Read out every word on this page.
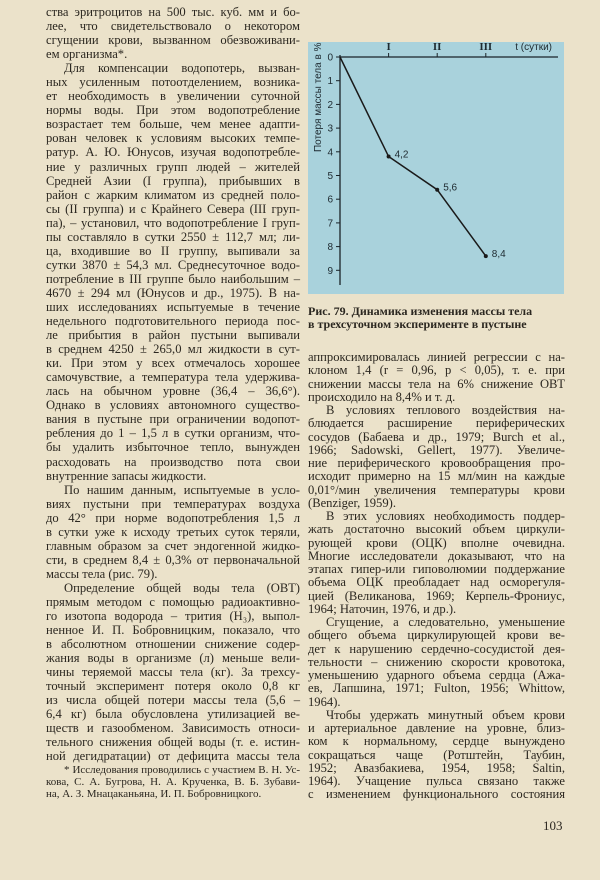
ства эритроцитов на 500 тыс. куб. мм и бо-
лее, что свидетельствовало о некотором
сгущении крови, вызванном обезвоживани-
ем организма*.
Для компенсации водопотерь, вызван-
ных усиленным потоотделением, возника-
ет необходимость в увеличении суточной
нормы воды. При этом водопотребление
возрастает тем больше, чем менее адапти-
рован человек к условиям высоких темпе-
ратур. А. Ю. Юнусов, изучая водопотребле-
ние у различных групп людей – жителей
Средней Азии (I группа), прибывших в
район с жарким климатом из средней поло-
сы (II группа) и с Крайнего Севера (III груп-
па), – установил, что водопотребление I груп-
пы составляло в сутки 2550 ± 112,7 мл; ли-
ца, входившие во II группу, выпивали за
сутки 3870 ± 54,3 мл. Среднесуточное водо-
потребление в III группе было наибольшим –
4670 ± 294 мл (Юнусов и др., 1975). В на-
ших исследованиях испытуемые в течение
недельного подготовительного периода пос-
ле прибытия в район пустыни выпивали
в среднем 4250 ± 265,0 мл жидкости в сут-
ки. При этом у всех отмечалось хорошее
самочувствие, а температура тела удержива-
лась на обычном уровне (36,4 – 36,6°).
Однако в условиях автономного существо-
вания в пустыне при ограничении водопот-
ребления до 1 – 1,5 л в сутки организм, что-
бы удалить избыточное тепло, вынужден
расходовать на производство пота свои
внутренние запасы жидкости.
По нашим данным, испытуемые в усло-
виях пустыни при температурах воздуха
до 42° при норме водопотребления 1,5 л
в сутки уже к исходу третьих суток теряли,
главным образом за счет эндогенной жидко-
сти, в среднем 8,4 ± 0,3% от первоначальной
массы тела (рис. 79).
Определение общей воды тела (ОВТ)
прямым методом с помощью радиоактивно-
го изотопа водорода – трития (H₃), выпол-
ненное И. П. Бобровницким, показало, что
в абсолютном отношении снижение содер-
жания воды в организме (л) меньше вели-
чины теряемой массы тела (кг). За трехсу-
точный эксперимент потеря около 0,8 кг
из числа общей потери массы тела (5,6 –
6,4 кг) была обусловлена утилизацией ве-
ществ и газообменом. Зависимость относи-
тельного снижения общей воды (т. е. истин-
ной дегидратации) от дефицита массы тела
* Исследования проводились с участием В. Н. Ус-
кова, С. А. Бугрова, Н. А. Крученка, В. Б. Зубави-
на, А. З. Мнацаканьяна, И. П. Бобровницкого.
0
1
2
3
4
5
6
7
8
9
I	II	III t (сутки)
Потеря массы тела в %
4,2
5,6
8,4
Рис. 79. Динамика изменения массы тела
в трехсуточном эксперименте в пустыне
аппроксимировалась линией регрессии с на-
клоном 1,4 (r = 0,96, p < 0,05), т. е. при
снижении массы тела на 6% снижение ОВТ
происходило на 8,4% и т. д.
В условиях теплового воздействия на-
блюдается расширение периферических
сосудов (Бабаева и др., 1979; Burch et al.,
1966; Sadowski, Gellert, 1977). Увеличе-
ние периферического кровообращения про-
исходит примерно на 15 мл/мин на каждые
0,01°/мин увеличения температуры крови
(Benziger, 1959).
В этих условиях необходимость поддер-
жать достаточно высокий объем циркули-
рующей крови (ОЦК) вполне очевидна.
Многие исследователи доказывают, что на
этапах гипер-или гиповолюмии поддержание
объема ОЦК преобладает над осморегуля-
цией (Великанова, 1969; Керпель-Фрониус,
1964; Наточин, 1976, и др.).
Сгущение, а следовательно, уменьшение
общего объема циркулирующей крови ве-
дет к нарушению сердечно-сосудистой дея-
тельности – снижению скорости кровотока,
уменьшению ударного объема сердца (Ажа-
ев, Лапшина, 1971; Fulton, 1956; Whittow,
1964).
Чтобы удержать минутный объем крови
и артериальное давление на уровне, близ-
ком к нормальному, сердце вынуждено
сокращаться чаще (Ротштейн, Таубин,
1952; Авазбакиева, 1954, 1958; Saltin,
1964). Учащение пульса связано также
с изменением функционального состояния
103
